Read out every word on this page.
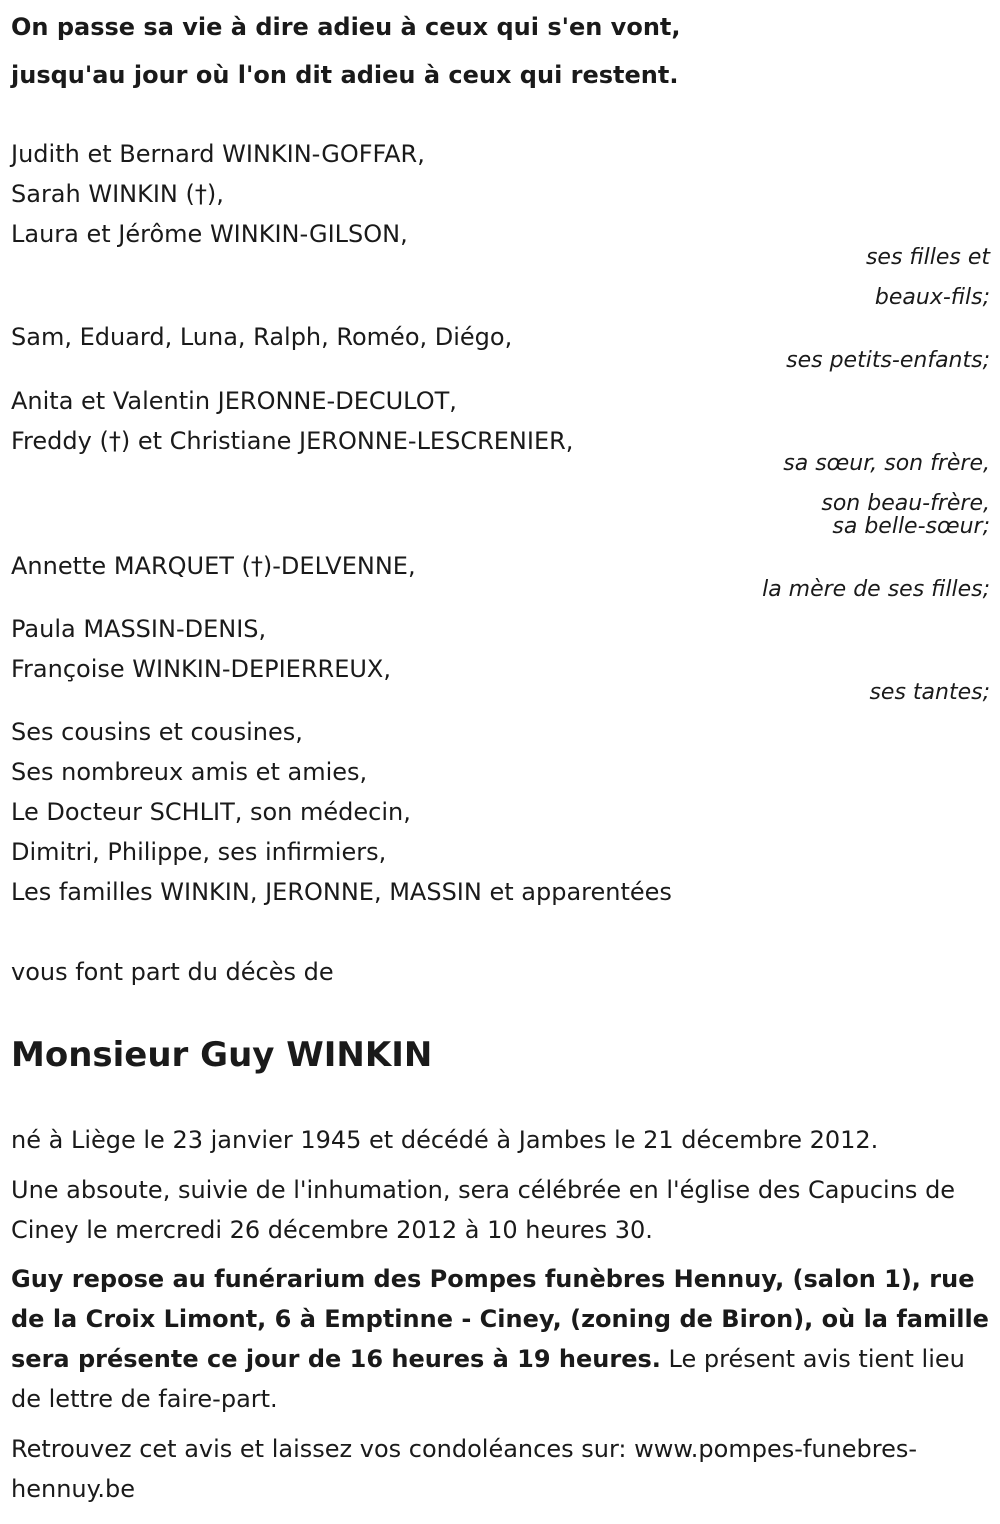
On passe sa vie à dire adieu à ceux qui s'en vont,

jusqu'au jour où l'on dit adieu à ceux qui restent.

Judith et Bernard WINKIN-GOFFAR,

Sarah WINKIN (†),

Laura et Jérôme WINKIN-GILSON,

ses filles et

beaux-fils;

Sam, Eduard, Luna, Ralph, Roméo, Diégo,

ses petits-enfants;

Anita et Valentin JERONNE-DECULOT,

Freddy (†) et Christiane JERONNE-LESCRENIER,

sa sœur, son frère,

son beau-frère,

sa belle-sœur;

Annette MARQUET (†)-DELVENNE,

la mère de ses filles;

Paula MASSIN-DENIS,

Françoise WINKIN-DEPIERREUX,

ses tantes;

Ses cousins et cousines,

Ses nombreux amis et amies,

Le Docteur SCHLIT, son médecin,

Dimitri, Philippe, ses infirmiers,

Les familles WINKIN, JERONNE, MASSIN et apparentées

vous font part du décès de

Monsieur Guy WINKIN

né à Liège le 23 janvier 1945 et décédé à Jambes le 21 décembre 2012.

Une absoute, suivie de l'inhumation, sera célébrée en l'église des Capucins de Ciney le mercredi 26 décembre 2012 à 10 heures 30.

Guy repose au funérarium des Pompes funèbres Hennuy, (salon 1), rue de la Croix Limont, 6 à Emptinne - Ciney, (zoning de Biron), où la famille sera présente ce jour de 16 heures à 19 heures. Le présent avis tient lieu de lettre de faire-part.

Retrouvez cet avis et laissez vos condoléances sur: www.pompes-funebres-hennuy.be
